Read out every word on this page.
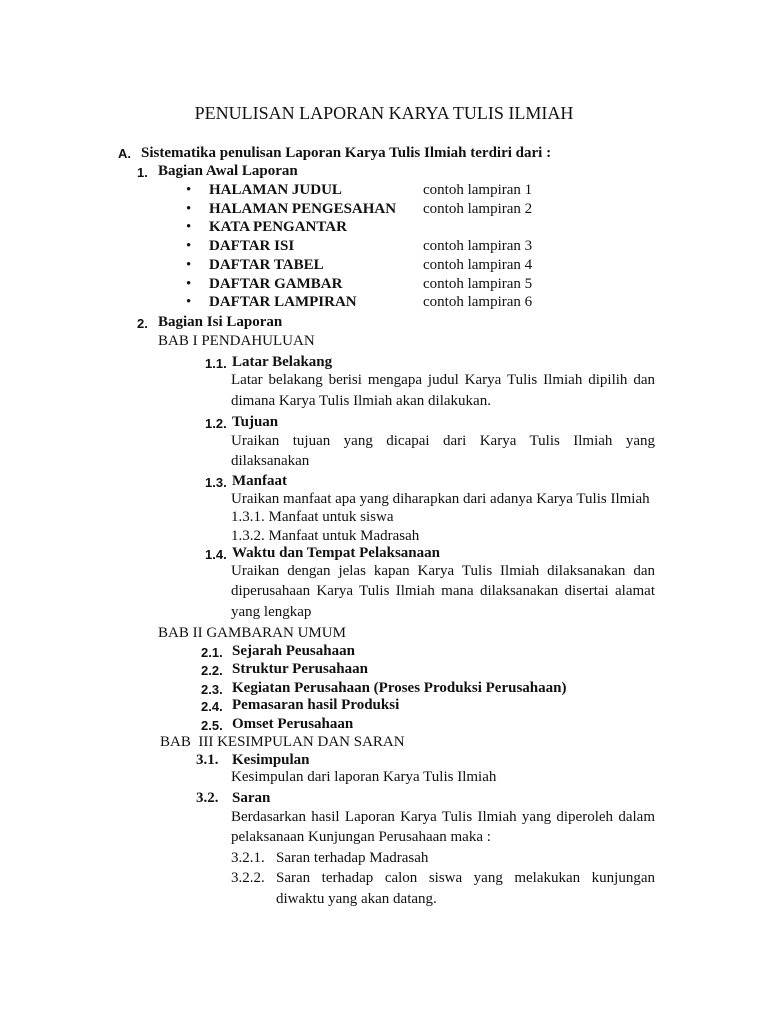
PENULISAN LAPORAN KARYA TULIS ILMIAH
A. Sistematika penulisan Laporan Karya Tulis Ilmiah terdiri dari :
1. Bagian Awal Laporan
• HALAMAN JUDUL	contoh lampiran 1
• HALAMAN PENGESAHAN contoh lampiran 2
• KATA PENGANTAR
• DAFTAR ISI	contoh lampiran 3
• DAFTAR TABEL	contoh lampiran 4
• DAFTAR GAMBAR	contoh lampiran 5
• DAFTAR LAMPIRAN	contoh lampiran 6
2. Bagian Isi Laporan
BAB I PENDAHULUAN
1.1. Latar Belakang
Latar belakang berisi mengapa judul Karya Tulis Ilmiah dipilih dan
dimana Karya Tulis Ilmiah akan dilakukan.
1.2. Tujuan
Uraikan tujuan yang dicapai dari Karya Tulis Ilmiah yang
dilaksanakan
1.3. Manfaat
Uraikan manfaat apa yang diharapkan dari adanya Karya Tulis Ilmiah
1.3.1. Manfaat untuk siswa
1.3.2. Manfaat untuk Madrasah
1.4. Waktu dan Tempat Pelaksanaan
Uraikan dengan jelas kapan Karya Tulis Ilmiah dilaksanakan dan
diperusahaan Karya Tulis Ilmiah mana dilaksanakan disertai alamat
yang lengkap
BAB II GAMBARAN UMUM
2.1. Sejarah Peusahaan
2.2. Struktur Perusahaan
2.3. Kegiatan Perusahaan (Proses Produksi Perusahaan)
2.4. Pemasaran hasil Produksi
2.5. Omset Perusahaan
BAB  III KESIMPULAN DAN SARAN
3.1. Kesimpulan
Kesimpulan dari laporan Karya Tulis Ilmiah
3.2. Saran
Berdasarkan hasil Laporan Karya Tulis Ilmiah yang diperoleh dalam
pelaksanaan Kunjungan Perusahaan maka :
3.2.1. Saran terhadap Madrasah
3.2.2. Saran terhadap calon siswa yang melakukan kunjungan
diwaktu yang akan datang.
